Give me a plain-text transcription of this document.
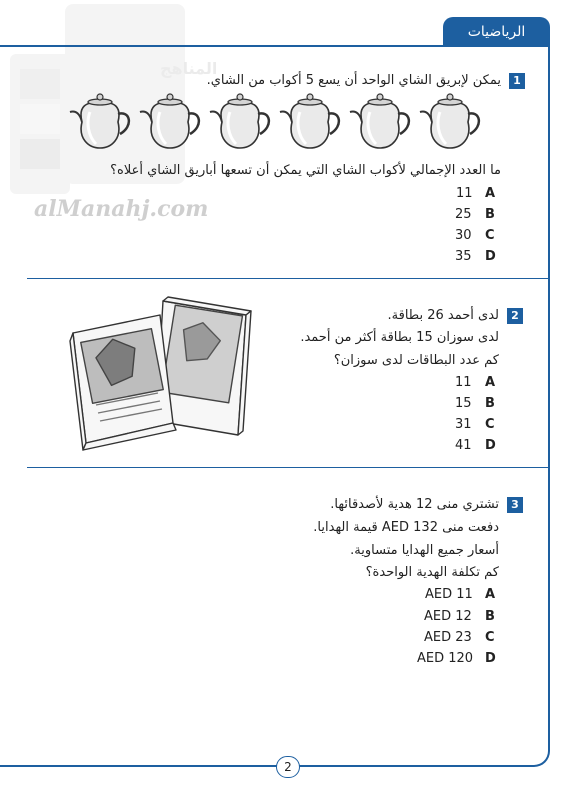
المناهج
alManahj.com
الرياضيات
1
يمكن لإبريق الشاي الواحد أن يسع 5 أكواب من الشاي.
ما العدد الإجمالي لأكواب الشاي التي يمكن أن تسعها أباريق الشاي أعلاه؟
11 A
25 B
30 C
35 D
2
لدى أحمد 26 بطاقة.
لدى سوزان 15 بطاقة أكثر من أحمد.
كم عدد البطاقات لدى سوزان؟
11 A
15 B
31 C
41 D
3
تشتري منى 12 هدية لأصدقائها.
دفعت منى AED 132 قيمة الهدايا.
أسعار جميع الهدايا متساوية.
كم تكلفة الهدية الواحدة؟
AED 11 A
AED 12 B
AED 23 C
AED 120 D
2
